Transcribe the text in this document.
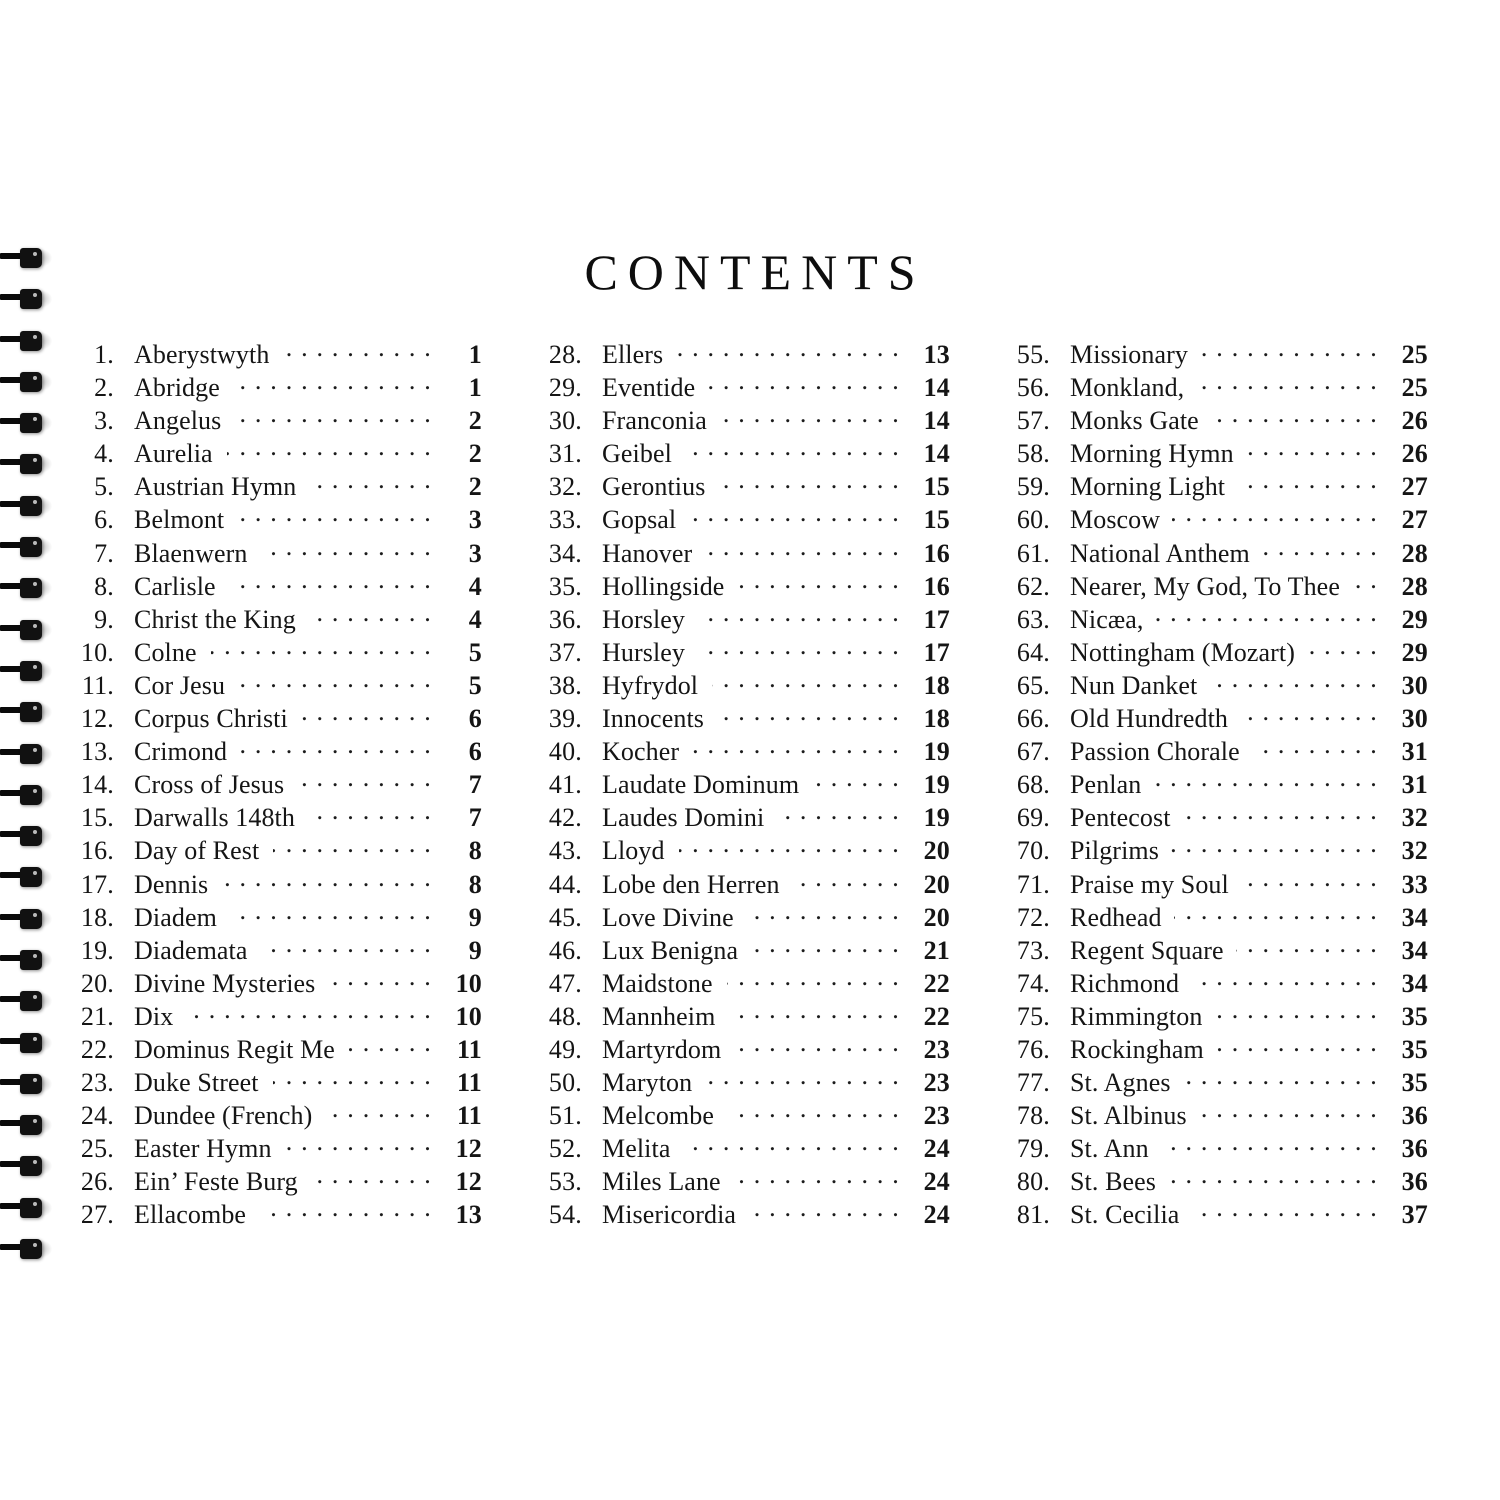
CONTENTS
1. Aberystwyth . . .	1
2. Abridge . . .	1
3. Angelus . . .	2
4. Aurelia . . .	2
5. Austrian Hymn . . .	2
6. Belmont . . .	3
7. Blaenwern . . .	3
8. Carlisle . . .	4
9. Christ the King . . .	4
10. Colne . . .	5
11. Cor Jesu . . .	5
12. Corpus Christi . . .	6
13. Crimond . . .	6
14. Cross of Jesus . . .	7
15. Darwalls 148th . . .	7
16. Day of Rest . . .	8
17. Dennis . . .	8
18. Diadem . . .	9
19. Diademata . . .	9
20. Divine Mysteries . . .	10
21. Dix . . .	10
22. Dominus Regit Me . . .	11
23. Duke Street . . .	11
24. Dundee (French) . . .	11
25. Easter Hymn . . .	12
26. Ein’ Feste Burg . . .	12
27. Ellacombe . . .	13
28. Ellers . . .	13
29. Eventide . . .	14
30. Franconia . . .	14
31. Geibel . . .	14
32. Gerontius . . .	15
33. Gopsal . . .	15
34. Hanover . . .	16
35. Hollingside . . .	16
36. Horsley . . .	17
37. Hursley . . .	17
38. Hyfrydol . . .	18
39. Innocents . . .	18
40. Kocher . . .	19
41. Laudate Dominum . . .	19
42. Laudes Domini . . .	19
43. Lloyd . . .	20
44. Lobe den Herren . . .	20
45. Love Divine . . .	20
46. Lux Benigna . . .	21
47. Maidstone . . .	22
48. Mannheim . . .	22
49. Martyrdom . . .	23
50. Maryton . . .	23
51. Melcombe . . .	23
52. Melita . . .	24
53. Miles Lane . . .	24
54. Misericordia . . .	24
55. Missionary . . .	25
56. Monkland, . . .	25
57. Monks Gate . . .	26
58. Morning Hymn . . .	26
59. Morning Light . . .	27
60. Moscow . . .	27
61. National Anthem . . .	28
62. Nearer, My God, To Thee . . .	28
63. Nicæa, . . .	29
64. Nottingham (Mozart) . . .	29
65. Nun Danket . . .	30
66. Old Hundredth . . .	30
67. Passion Chorale . . .	31
68. Penlan . . .	31
69. Pentecost . . .	32
70. Pilgrims . . .	32
71. Praise my Soul . . .	33
72. Redhead . . .	34
73. Regent Square . . .	34
74. Richmond . . .	34
75. Rimmington . . .	35
76. Rockingham . . .	35
77. St. Agnes . . .	35
78. St. Albinus . . .	36
79. St. Ann . . .	36
80. St. Bees . . .	36
81. St. Cecilia . . .	37
